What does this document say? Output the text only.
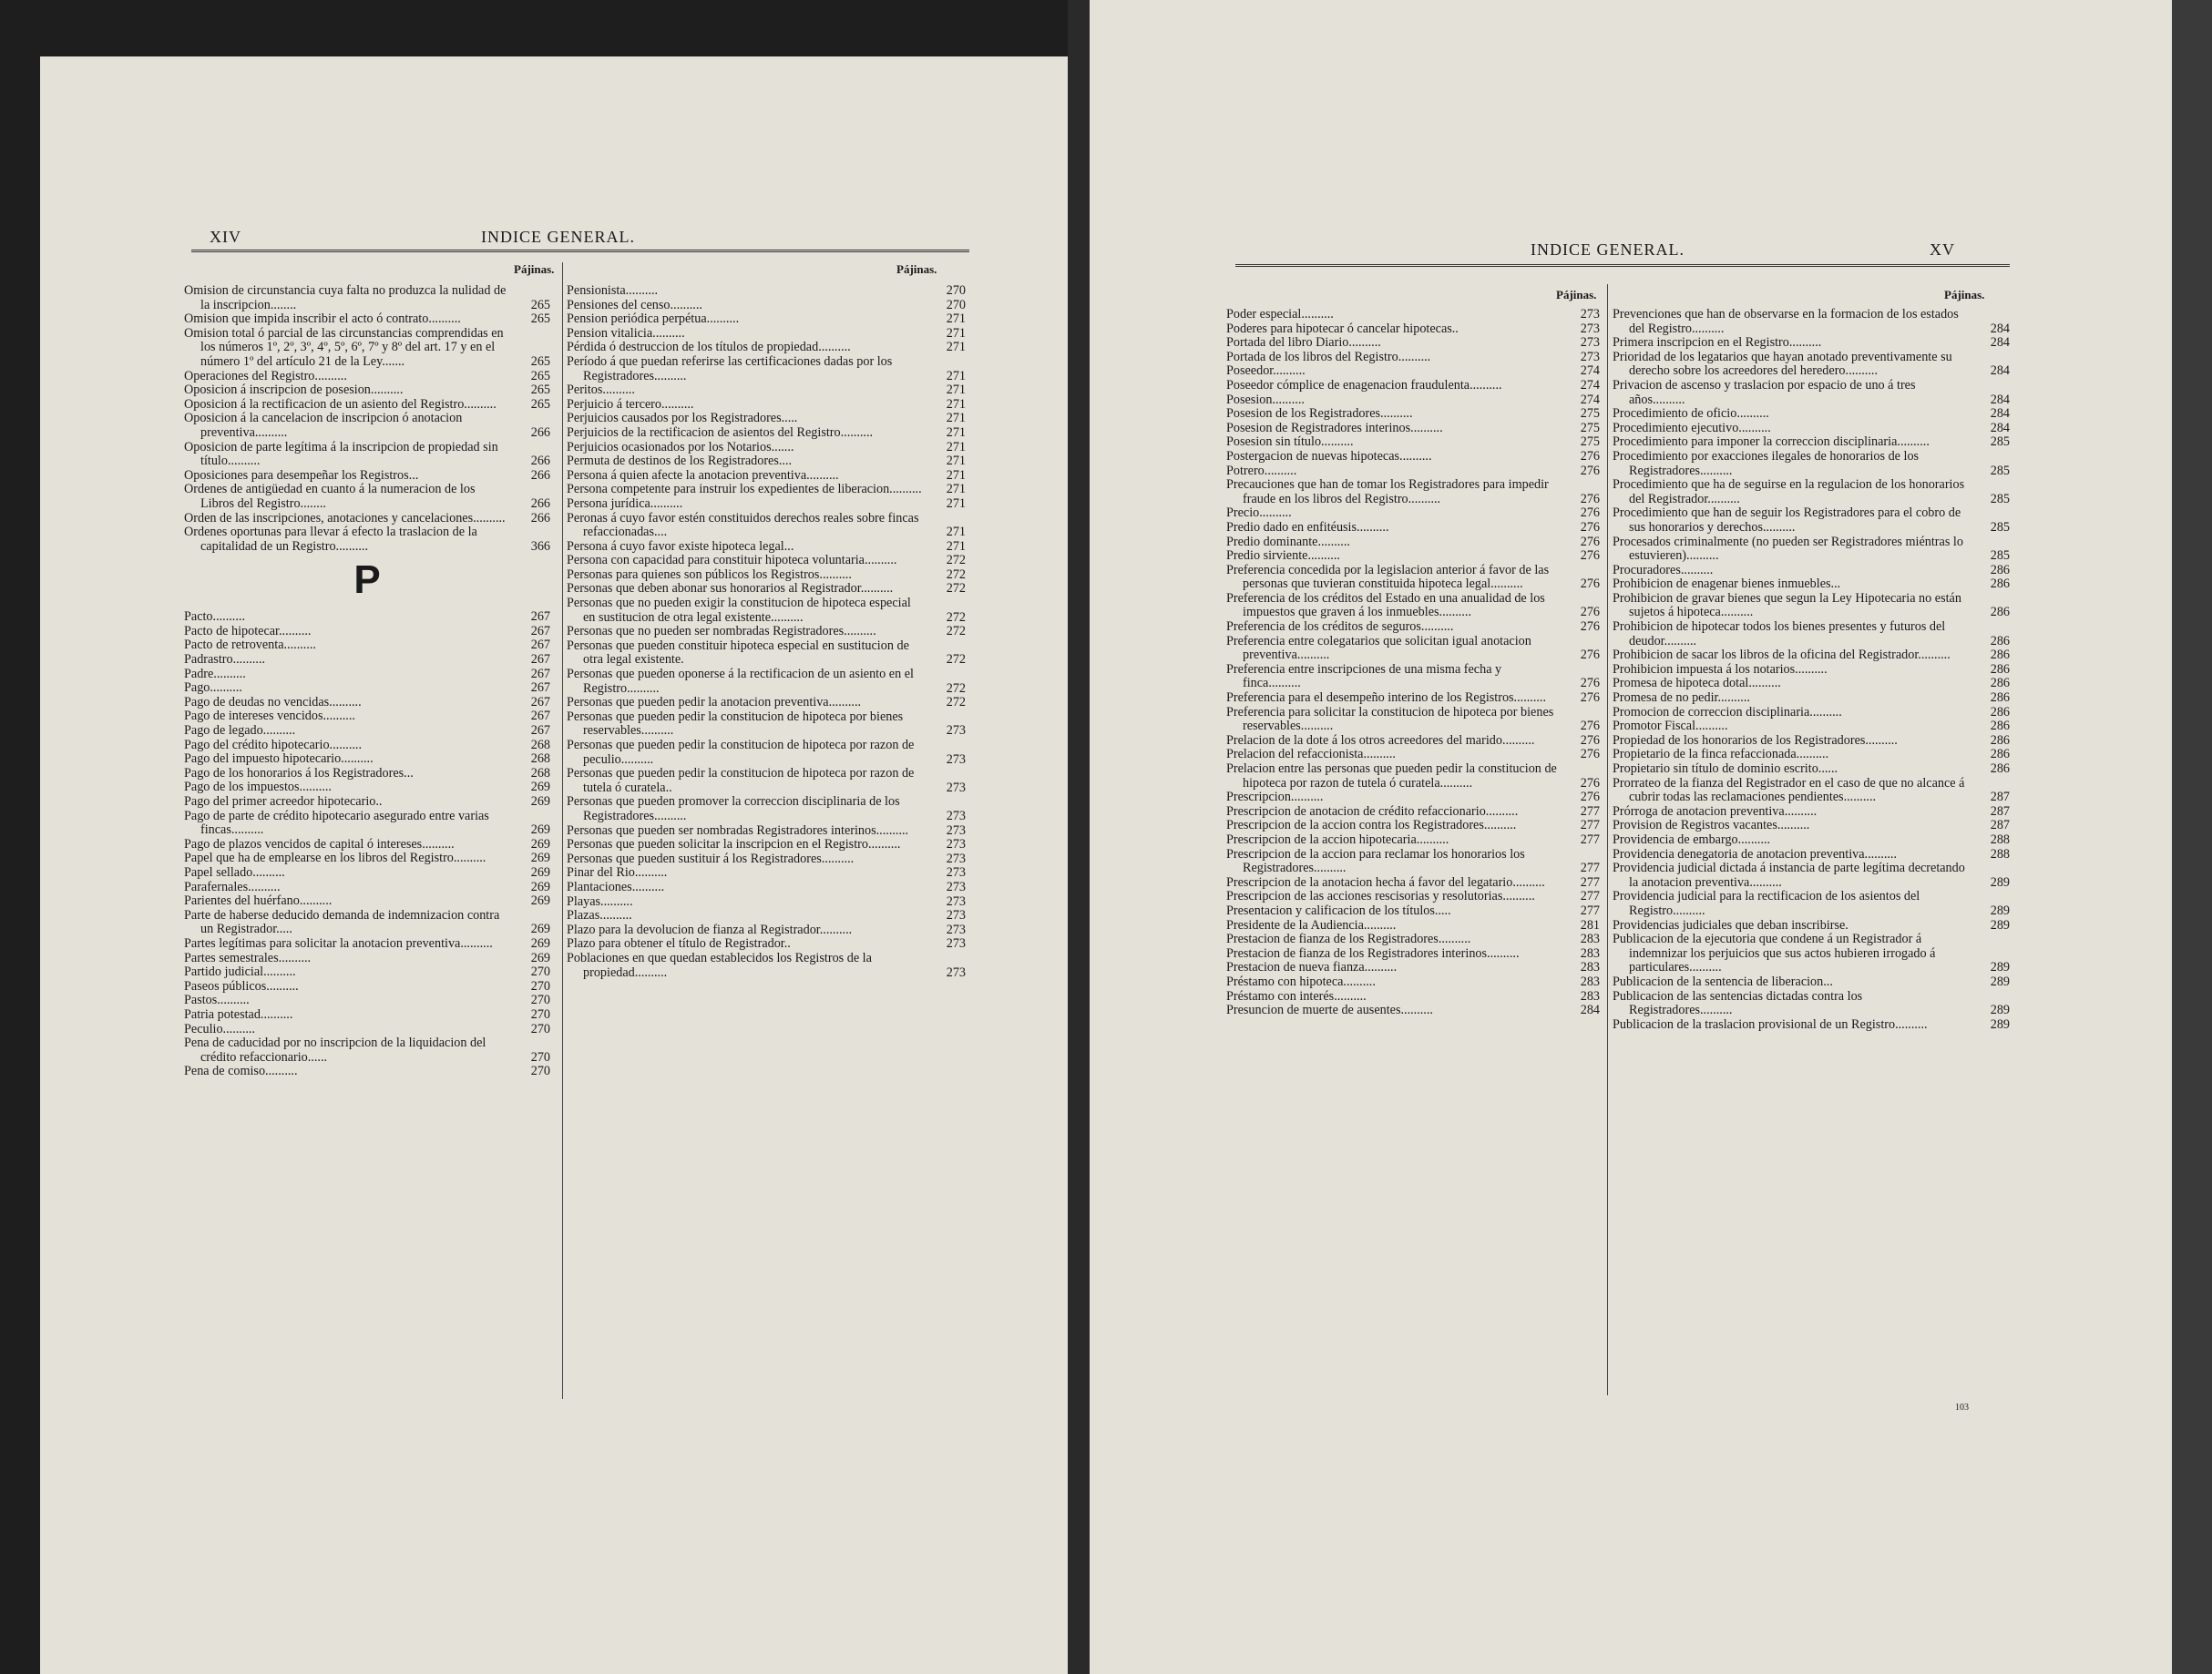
XIV	INDICE GENERAL.
Pájinas.	Pájinas.
Omision de circunstancia cuya falta no produzca la nulidad de la inscripcion........	265
Omision que impida inscribir el acto ó contrato..........	265
Omision total ó parcial de las circunstancias comprendidas en los números 1º, 2º, 3º, 4º, 5º, 6º, 7º y 8º del art. 17 y en el número 1º del artículo 21 de la Ley.......	265
Operaciones del Registro..........	265
Oposicion á inscripcion de posesion..........	265
Oposicion á la rectificacion de un asiento del Registro..........	265
Oposicion á la cancelacion de inscripcion ó anotacion preventiva..........	266
Oposicion de parte legítima á la inscripcion de propiedad sin título..........	266
Oposiciones para desempeñar los Registros...	266
Ordenes de antigüedad en cuanto á la numeracion de los Libros del Registro........	266
Orden de las inscripciones, anotaciones y cancelaciones..........	266
Ordenes oportunas para llevar á efecto la traslacion de la capitalidad de un Registro..........	366
P
Pacto..........	267
Pacto de hipotecar..........	267
Pacto de retroventa..........	267
Padrastro..........	267
Padre..........	267
Pago..........	267
Pago de deudas no vencidas..........	267
Pago de intereses vencidos..........	267
Pago de legado..........	267
Pago del crédito hipotecario..........	268
Pago del impuesto hipotecario..........	268
Pago de los honorarios á los Registradores...	268
Pago de los impuestos..........	269
Pago del primer acreedor hipotecario..	269
Pago de parte de crédito hipotecario asegurado entre varias fincas..........	269
Pago de plazos vencidos de capital ó intereses..........	269
Papel que ha de emplearse en los libros del Registro..........	269
Papel sellado..........	269
Parafernales..........	269
Parientes del huérfano..........	269
Parte de haberse deducido demanda de indemnizacion contra un Registrador.....	269
Partes legítimas para solicitar la anotacion preventiva..........	269
Partes semestrales..........	269
Partido judicial..........	270
Paseos públicos..........	270
Pastos..........	270
Patria potestad..........	270
Peculio..........	270
Pena de caducidad por no inscripcion de la liquidacion del crédito refaccionario......	270
Pena de comiso..........	270
Pensionista..........	270
Pensiones del censo..........	270
Pension periódica perpétua..........	271
Pension vitalicia..........	271
Pérdida ó destruccion de los títulos de propiedad..........	271
Período á que puedan referirse las certificaciones dadas por los Registradores..........	271
Peritos..........	271
Perjuicio á tercero..........	271
Perjuicios causados por los Registradores.....	271
Perjuicios de la rectificacion de asientos del Registro..........	271
Perjuicios ocasionados por los Notarios.......	271
Permuta de destinos de los Registradores....	271
Persona á quien afecte la anotacion preventiva..........	271
Persona competente para instruir los expedientes de liberacion..........	271
Persona jurídica..........	271
Peronas á cuyo favor estén constituidos derechos reales sobre fincas refaccionadas....	271
Persona á cuyo favor existe hipoteca legal...	271
Persona con capacidad para constituir hipoteca voluntaria..........	272
Personas para quienes son públicos los Registros..........	272
Personas que deben abonar sus honorarios al Registrador..........	272
Personas que no pueden exigir la constitucion de hipoteca especial en sustitucion de otra legal existente..........	272
Personas que no pueden ser nombradas Registradores..........	272
Personas que pueden constituir hipoteca especial en sustitucion de otra legal existente.	272
Personas que pueden oponerse á la rectificacion de un asiento en el Registro..........	272
Personas que pueden pedir la anotacion preventiva..........	272
Personas que pueden pedir la constitucion de hipoteca por bienes reservables..........	273
Personas que pueden pedir la constitucion de hipoteca por razon de peculio..........	273
Personas que pueden pedir la constitucion de hipoteca por razon de tutela ó curatela..	273
Personas que pueden promover la correccion disciplinaria de los Registradores..........	273
Personas que pueden ser nombradas Registradores interinos..........	273
Personas que pueden solicitar la inscripcion en el Registro..........	273
Personas que pueden sustituir á los Registradores..........	273
Pinar del Rio..........	273
Plantaciones..........	273
Playas..........	273
Plazas..........	273
Plazo para la devolucion de fianza al Registrador..........	273
Plazo para obtener el título de Registrador..	273
Poblaciones en que quedan establecidos los Registros de la propiedad..........	273
INDICE GENERAL.	XV
Pájinas.	Pájinas.
Poder especial..........	273
Poderes para hipotecar ó cancelar hipotecas..	273
Portada del libro Diario..........	273
Portada de los libros del Registro..........	273
Poseedor..........	274
Poseedor cómplice de enagenacion fraudulenta..........	274
Posesion..........	274
Posesion de los Registradores..........	275
Posesion de Registradores interinos..........	275
Posesion sin título..........	275
Postergacion de nuevas hipotecas..........	276
Potrero..........	276
Precauciones que han de tomar los Registradores para impedir fraude en los libros del Registro..........	276
Precio..........	276
Predio dado en enfitéusis..........	276
Predio dominante..........	276
Predio sirviente..........	276
Preferencia concedida por la legislacion anterior á favor de las personas que tuvieran constituida hipoteca legal..........	276
Preferencia de los créditos del Estado en una anualidad de los impuestos que graven á los inmuebles..........	276
Preferencia de los créditos de seguros..........	276
Preferencia entre colegatarios que solicitan igual anotacion preventiva..........	276
Preferencia entre inscripciones de una misma fecha y finca..........	276
Preferencia para el desempeño interino de los Registros..........	276
Preferencia para solicitar la constitucion de hipoteca por bienes reservables..........	276
Prelacion de la dote á los otros acreedores del marido..........	276
Prelacion del refaccionista..........	276
Prelacion entre las personas que pueden pedir la constitucion de hipoteca por razon de tutela ó curatela..........	276
Prescripcion..........	276
Prescripcion de anotacion de crédito refaccionario..........	277
Prescripcion de la accion contra los Registradores..........	277
Prescripcion de la accion hipotecaria..........	277
Prescripcion de la accion para reclamar los honorarios los Registradores..........	277
Prescripcion de la anotacion hecha á favor del legatario..........	277
Prescripcion de las acciones rescisorias y resolutorias..........	277
Presentacion y calificacion de los títulos.....	277
Presidente de la Audiencia..........	281
Prestacion de fianza de los Registradores..........	283
Prestacion de fianza de los Registradores interinos..........	283
Prestacion de nueva fianza..........	283
Préstamo con hipoteca..........	283
Préstamo con interés..........	283
Presuncion de muerte de ausentes..........	284
Prevenciones que han de observarse en la formacion de los estados del Registro..........	284
Primera inscripcion en el Registro..........	284
Prioridad de los legatarios que hayan anotado preventivamente su derecho sobre los acreedores del heredero..........	284
Privacion de ascenso y traslacion por espacio de uno á tres años..........	284
Procedimiento de oficio..........	284
Procedimiento ejecutivo..........	284
Procedimiento para imponer la correccion disciplinaria..........	285
Procedimiento por exacciones ilegales de honorarios de los Registradores..........	285
Procedimiento que ha de seguirse en la regulacion de los honorarios del Registrador..........	285
Procedimiento que han de seguir los Registradores para el cobro de sus honorarios y derechos..........	285
Procesados criminalmente (no pueden ser Registradores miéntras lo estuvieren)..........	285
Procuradores..........	286
Prohibicion de enagenar bienes inmuebles...	286
Prohibicion de gravar bienes que segun la Ley Hipotecaria no están sujetos á hipoteca..........	286
Prohibicion de hipotecar todos los bienes presentes y futuros del deudor..........	286
Prohibicion de sacar los libros de la oficina del Registrador..........	286
Prohibicion impuesta á los notarios..........	286
Promesa de hipoteca dotal..........	286
Promesa de no pedir..........	286
Promocion de correccion disciplinaria..........	286
Promotor Fiscal..........	286
Propiedad de los honorarios de los Registradores..........	286
Propietario de la finca refaccionada..........	286
Propietario sin título de dominio escrito......	286
Prorrateo de la fianza del Registrador en el caso de que no alcance á cubrir todas las reclamaciones pendientes..........	287
Prórroga de anotacion preventiva..........	287
Provision de Registros vacantes..........	287
Providencia de embargo..........	288
Providencia denegatoria de anotacion preventiva..........	288
Providencia judicial dictada á instancia de parte legítima decretando la anotacion preventiva..........	289
Providencia judicial para la rectificacion de los asientos del Registro..........	289
Providencias judiciales que deban inscribirse.	289
Publicacion de la ejecutoria que condene á un Registrador á indemnizar los perjuicios que sus actos hubieren irrogado á particulares..........	289
Publicacion de la sentencia de liberacion...	289
Publicacion de las sentencias dictadas contra los Registradores..........	289
Publicacion de la traslacion provisional de un Registro..........	289
103
